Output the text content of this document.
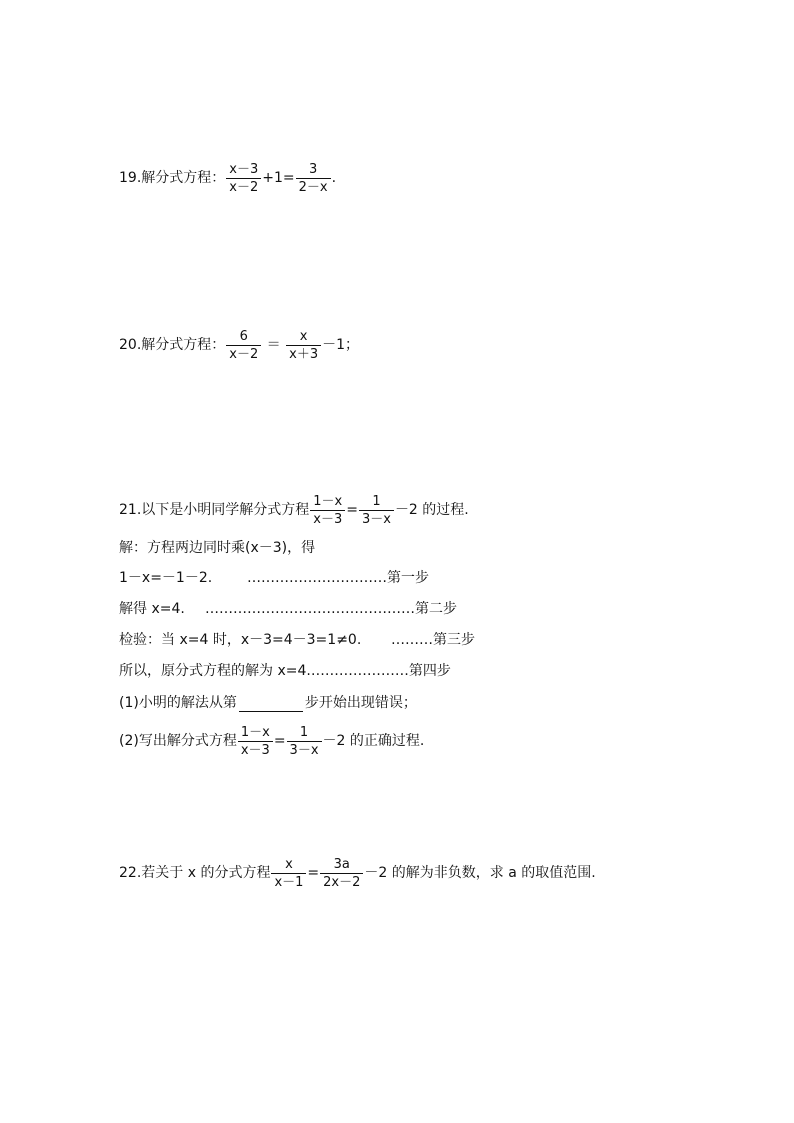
19.解分式方程： $\frac{x-3}{x-2} +1= \frac{3}{2-x}$ .
20.解分式方程： $\frac{6}{x-2} = \frac{x}{x+3} -1$；
21.以下是小明同学解分式方程 $\frac{1-x}{x-3} = \frac{1}{3-x} -2$ 的过程.
解：方程两边同时乘(x－3)，得
1－x=－1－2.	………………………… 第一步
解得 x=4.	……………………………………… 第二步
检验：当 x=4 时，x－3=4－3=1≠0.	……… 第三步
所以，原分式方程的解为 x=4. ………………… 第四步
(1)小明的解法从第	步开始出现错误；
(2)写出解分式方程 $\frac{1-x}{x-3} = \frac{1}{3-x} -2$ 的正确过程.
22.若关于 x 的分式方程 $\frac{x}{x-1} = \frac{3a}{2x-2} -2$ 的解为非负数，求 a 的取值范围.
